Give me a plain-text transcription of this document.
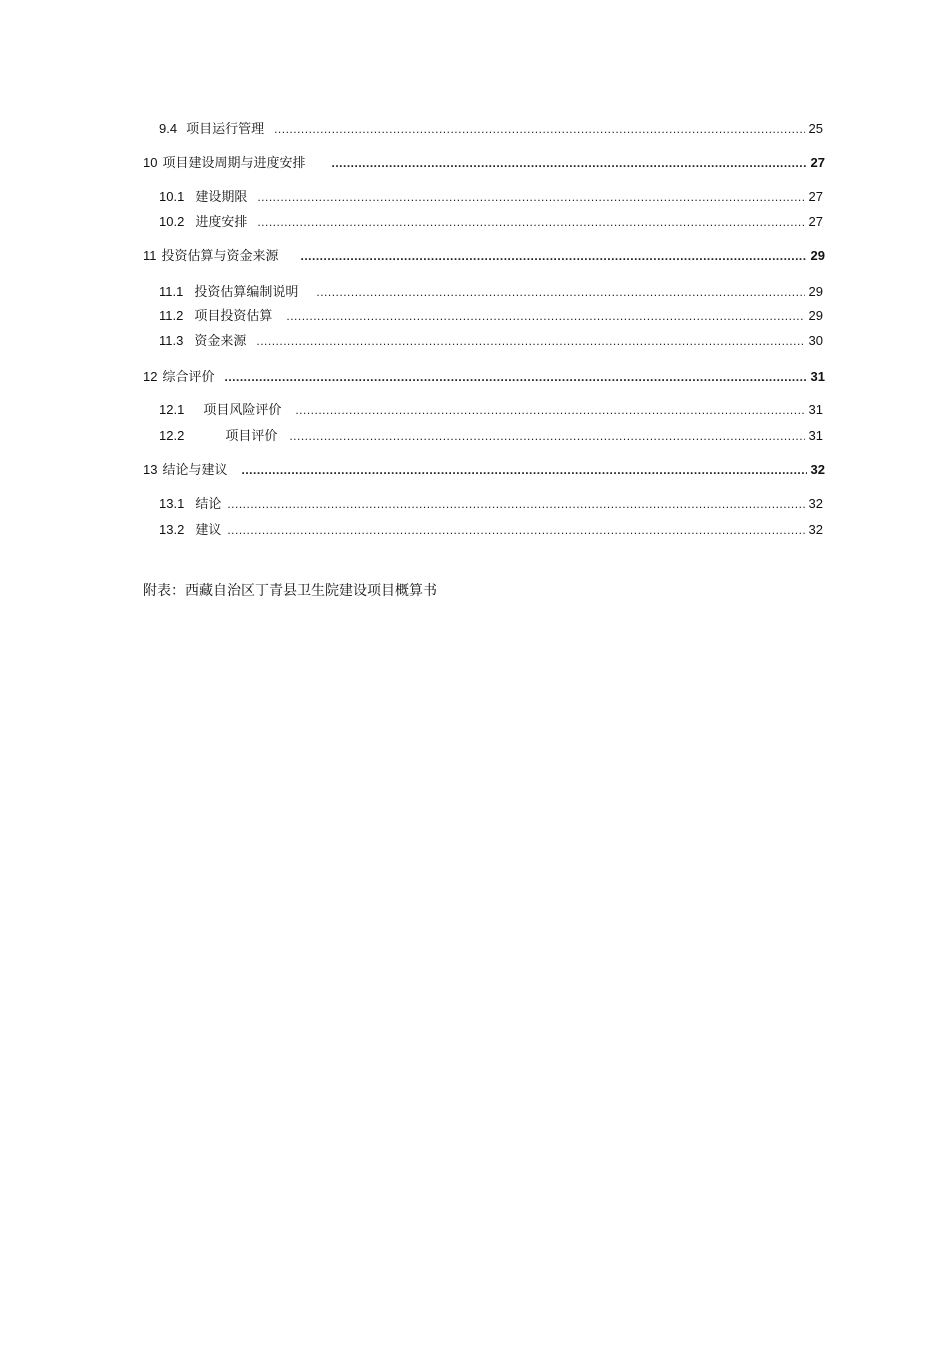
9.4 项目运行管理 .....	25
10 项目建设周期与进度安排 .....	27
10.1 建设期限 .....	27
10.2 进度安排 .....	27
11 投资估算与资金来源 .....	29
11.1 投资估算编制说明 .....	29
11.2 项目投资估算 .....	29
11.3 资金来源 .....	30
12 综合评价 .....	31
12.1 项目风险评价 .....	31
12.2	项目评价 .....	31
13 结论与建议 .....	32
13.1 结论 .....	32
13.2 建议 .....	32
附表：西藏自治区丁青县卫生院建设项目概算书
